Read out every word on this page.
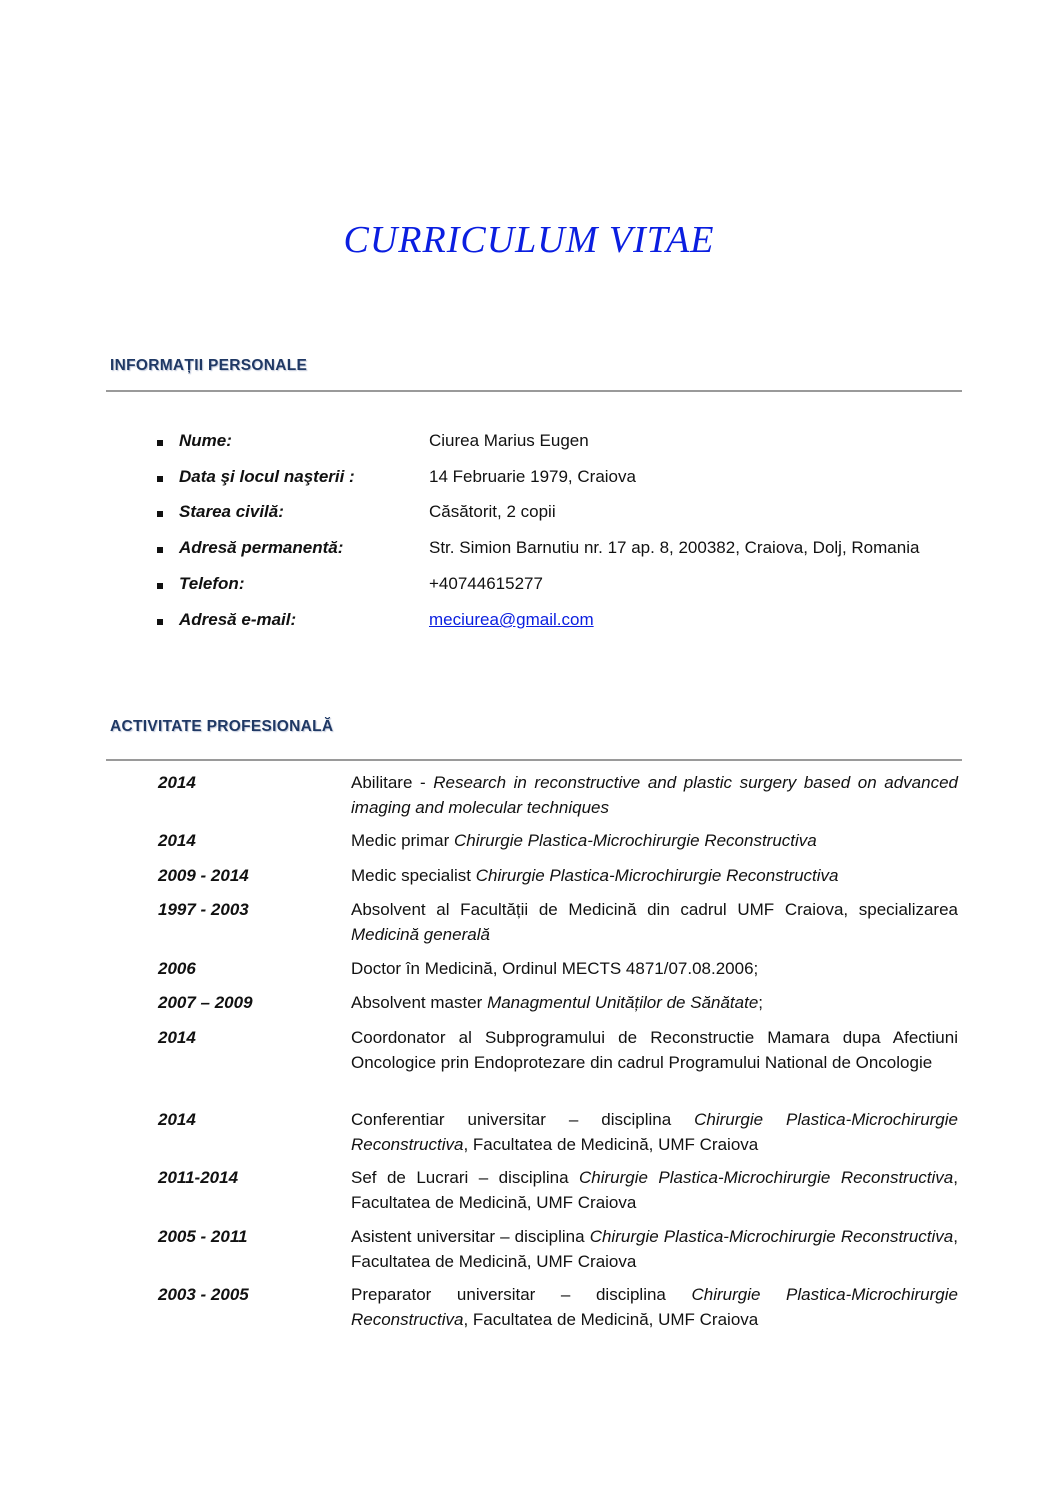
CURRICULUM VITAE
INFORMAȚII PERSONALE
Nume:	Ciurea Marius Eugen
Data şi locul naşterii :	14 Februarie 1979, Craiova
Starea civilă:	Căsătorit, 2 copii
Adresă permanentă:	Str. Simion Barnutiu nr. 17 ap. 8, 200382, Craiova, Dolj, Romania
Telefon:	+40744615277
Adresă e-mail:	meciurea@gmail.com
ACTIVITATE PROFESIONALĂ
2014	Abilitare - Research in reconstructive and plastic surgery based on advanced imaging and molecular techniques
2014	Medic primar Chirurgie Plastica-Microchirurgie Reconstructiva
2009 - 2014	Medic specialist Chirurgie Plastica-Microchirurgie Reconstructiva
1997 - 2003	Absolvent al Facultății de Medicină din cadrul UMF Craiova, specializarea Medicină generală
2006	Doctor în Medicină, Ordinul MECTS 4871/07.08.2006;
2007 – 2009	Absolvent master Managmentul Unităților de Sănătate;
2014	Coordonator al Subprogramului de Reconstructie Mamara dupa Afectiuni Oncologice prin Endoprotezare din cadrul Programului National de Oncologie
2014	Conferentiar universitar – disciplina Chirurgie Plastica-Microchirurgie Reconstructiva, Facultatea de Medicină, UMF Craiova
2011-2014	Sef de Lucrari – disciplina Chirurgie Plastica-Microchirurgie Reconstructiva, Facultatea de Medicină, UMF Craiova
2005 - 2011	Asistent universitar – disciplina Chirurgie Plastica-Microchirurgie Reconstructiva, Facultatea de Medicină, UMF Craiova
2003 - 2005	Preparator universitar – disciplina Chirurgie Plastica-Microchirurgie Reconstructiva, Facultatea de Medicină, UMF Craiova
